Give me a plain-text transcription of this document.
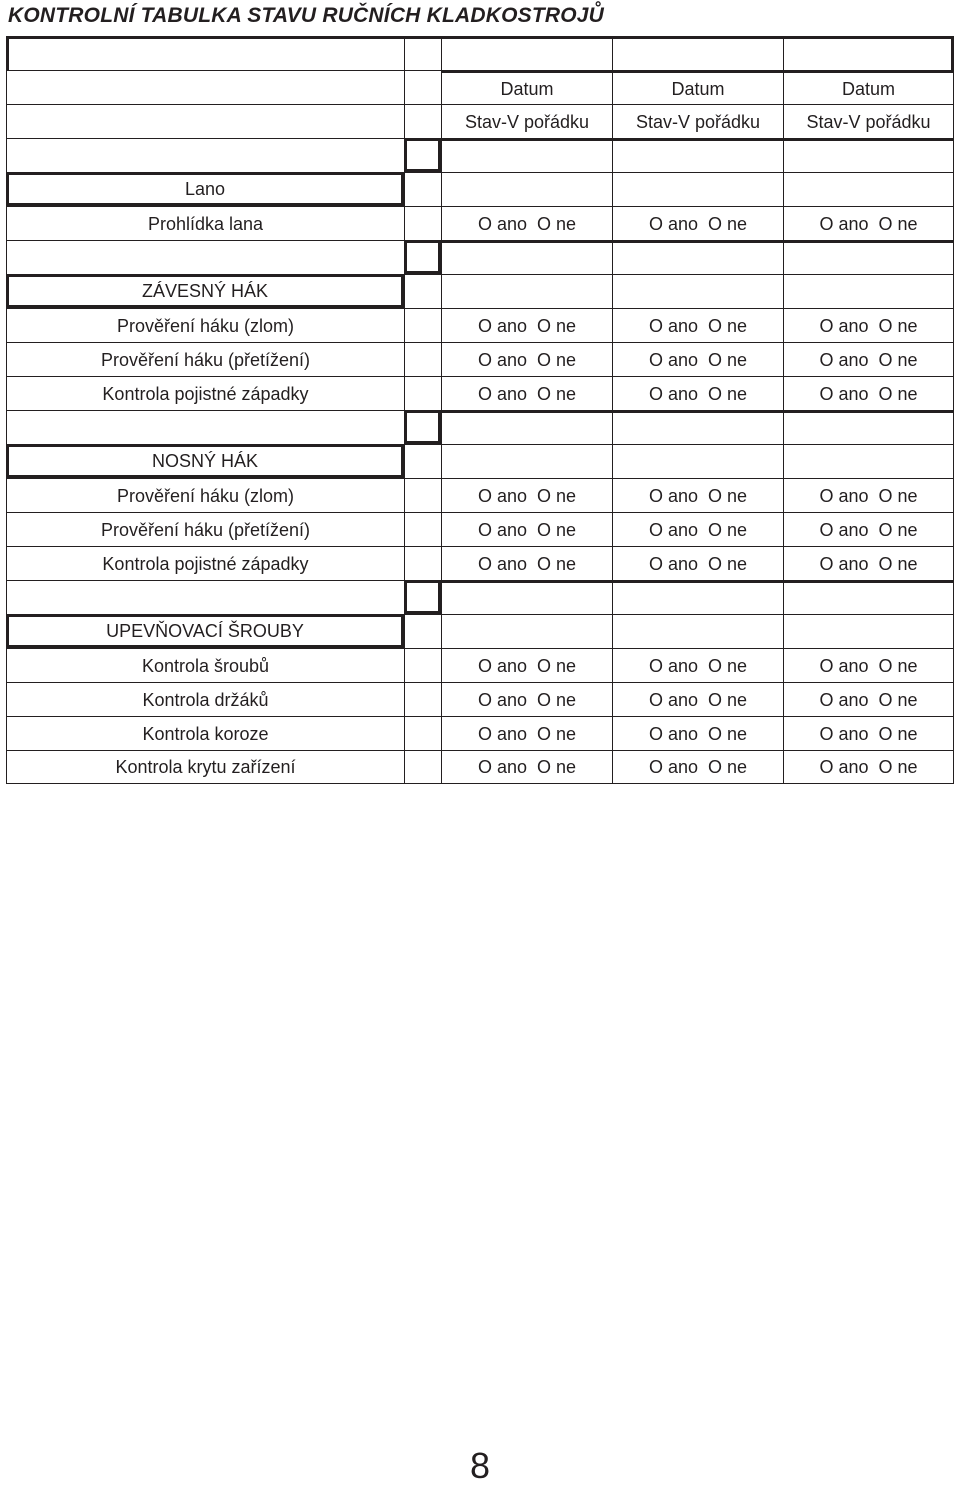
KONTROLNÍ TABULKA STAVU RUČNÍCH KLADKOSTROJŮ
Datum	Datum	Datum
Stav-V pořádku	Stav-V pořádku	Stav-V pořádku
Lano
Prohlídka lana	O ano O ne	O ano O ne	O ano O ne
ZÁVESNÝ HÁK
Prověření háku (zlom)	O ano O ne	O ano O ne	O ano O ne
Prověření háku (přetížení)	O ano O ne	O ano O ne	O ano O ne
Kontrola pojistné západky	O ano O ne	O ano O ne	O ano O ne
NOSNÝ HÁK
Prověření háku (zlom)	O ano O ne	O ano O ne	O ano O ne
Prověření háku (přetížení)	O ano O ne	O ano O ne	O ano O ne
Kontrola pojistné západky	O ano O ne	O ano O ne	O ano O ne
UPEVŇOVACÍ ŠROUBY
Kontrola šroubů	O ano O ne	O ano O ne	O ano O ne
Kontrola držáků	O ano O ne	O ano O ne	O ano O ne
Kontrola koroze	O ano O ne	O ano O ne	O ano O ne
Kontrola krytu zařízení	O ano O ne	O ano O ne	O ano O ne
8
